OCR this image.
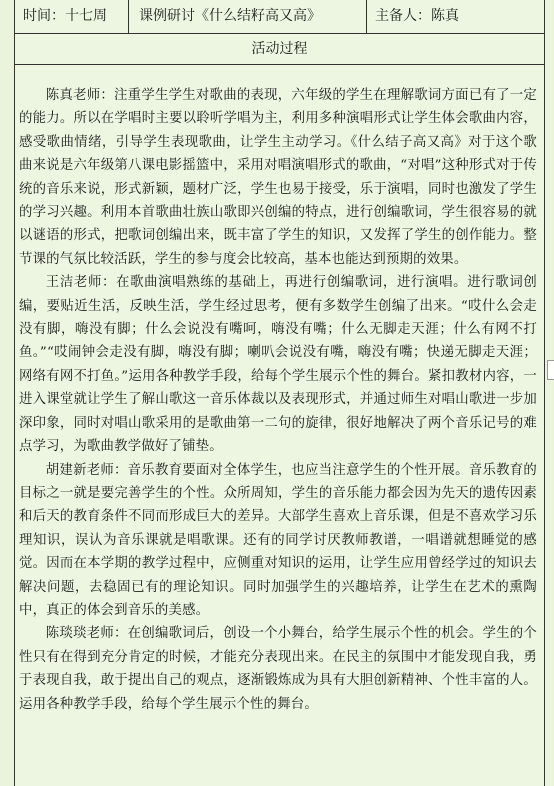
时间：十七周	课例研讨《什么结籽高又高》	主备人：陈真
活动过程

陈真老师：注重学生学生对歌曲的表现，六年级的学生在理解歌词方面已有了一定的能力。所以在学唱时主要以聆听学唱为主，利用多种演唱形式让学生体会歌曲内容，感受歌曲情绪，引导学生表现歌曲，让学生主动学习。《什么结子高又高》对于这个歌曲来说是六年级第八课电影摇篮中，采用对唱演唱形式的歌曲，“对唱”这种形式对于传统的音乐来说，形式新颖，题材广泛，学生也易于接受，乐于演唱，同时也激发了学生的学习兴趣。利用本首歌曲壮族山歌即兴创编的特点，进行创编歌词，学生很容易的就以谜语的形式，把歌词创编出来，既丰富了学生的知识，又发挥了学生的创作能力。整节课的气氛比较活跃，学生的参与度会比较高，基本也能达到预期的效果。

王洁老师：在歌曲演唱熟练的基础上，再进行创编歌词，进行演唱。进行歌词创编，要贴近生活，反映生活，学生经过思考，便有多数学生创编了出来。“哎什么会走没有脚，嗨没有脚；什么会说没有嘴呵，嗨没有嘴；什么无脚走天涯；什么有网不打鱼。”“哎闹钟会走没有脚，嗨没有脚；喇叭会说没有嘴，嗨没有嘴；快递无脚走天涯；网络有网不打鱼。”运用各种教学手段，给每个学生展示个性的舞台。紧扣教材内容，一进入课堂就让学生了解山歌这一音乐体裁以及表现形式，并通过师生对唱山歌进一步加深印象，同时对唱山歌采用的是歌曲第一二句的旋律，很好地解决了两个音乐记号的难点学习，为歌曲教学做好了铺垫。

胡建新老师：音乐教育要面对全体学生，也应当注意学生的个性开展。音乐教育的目标之一就是要完善学生的个性。众所周知，学生的音乐能力都会因为先天的遗传因素和后天的教育条件不同而形成巨大的差异。大部学生喜欢上音乐课，但是不喜欢学习乐理知识，误认为音乐课就是唱歌课。还有的同学讨厌教师教谱，一唱谱就想睡觉的感觉。因而在本学期的教学过程中，应侧重对知识的运用，让学生应用曾经学过的知识去解决问题，去稳固已有的理论知识。同时加强学生的兴趣培养，让学生在艺术的熏陶中，真正的体会到音乐的美感。

陈琰琰老师：在创编歌词后，创设一个小舞台，给学生展示个性的机会。学生的个性只有在得到充分肯定的时候，才能充分表现出来。在民主的氛围中才能发现自我，勇于表现自我，敢于提出自己的观点，逐渐锻炼成为具有大胆创新精神、个性丰富的人。运用各种教学手段，给每个学生展示个性的舞台。
